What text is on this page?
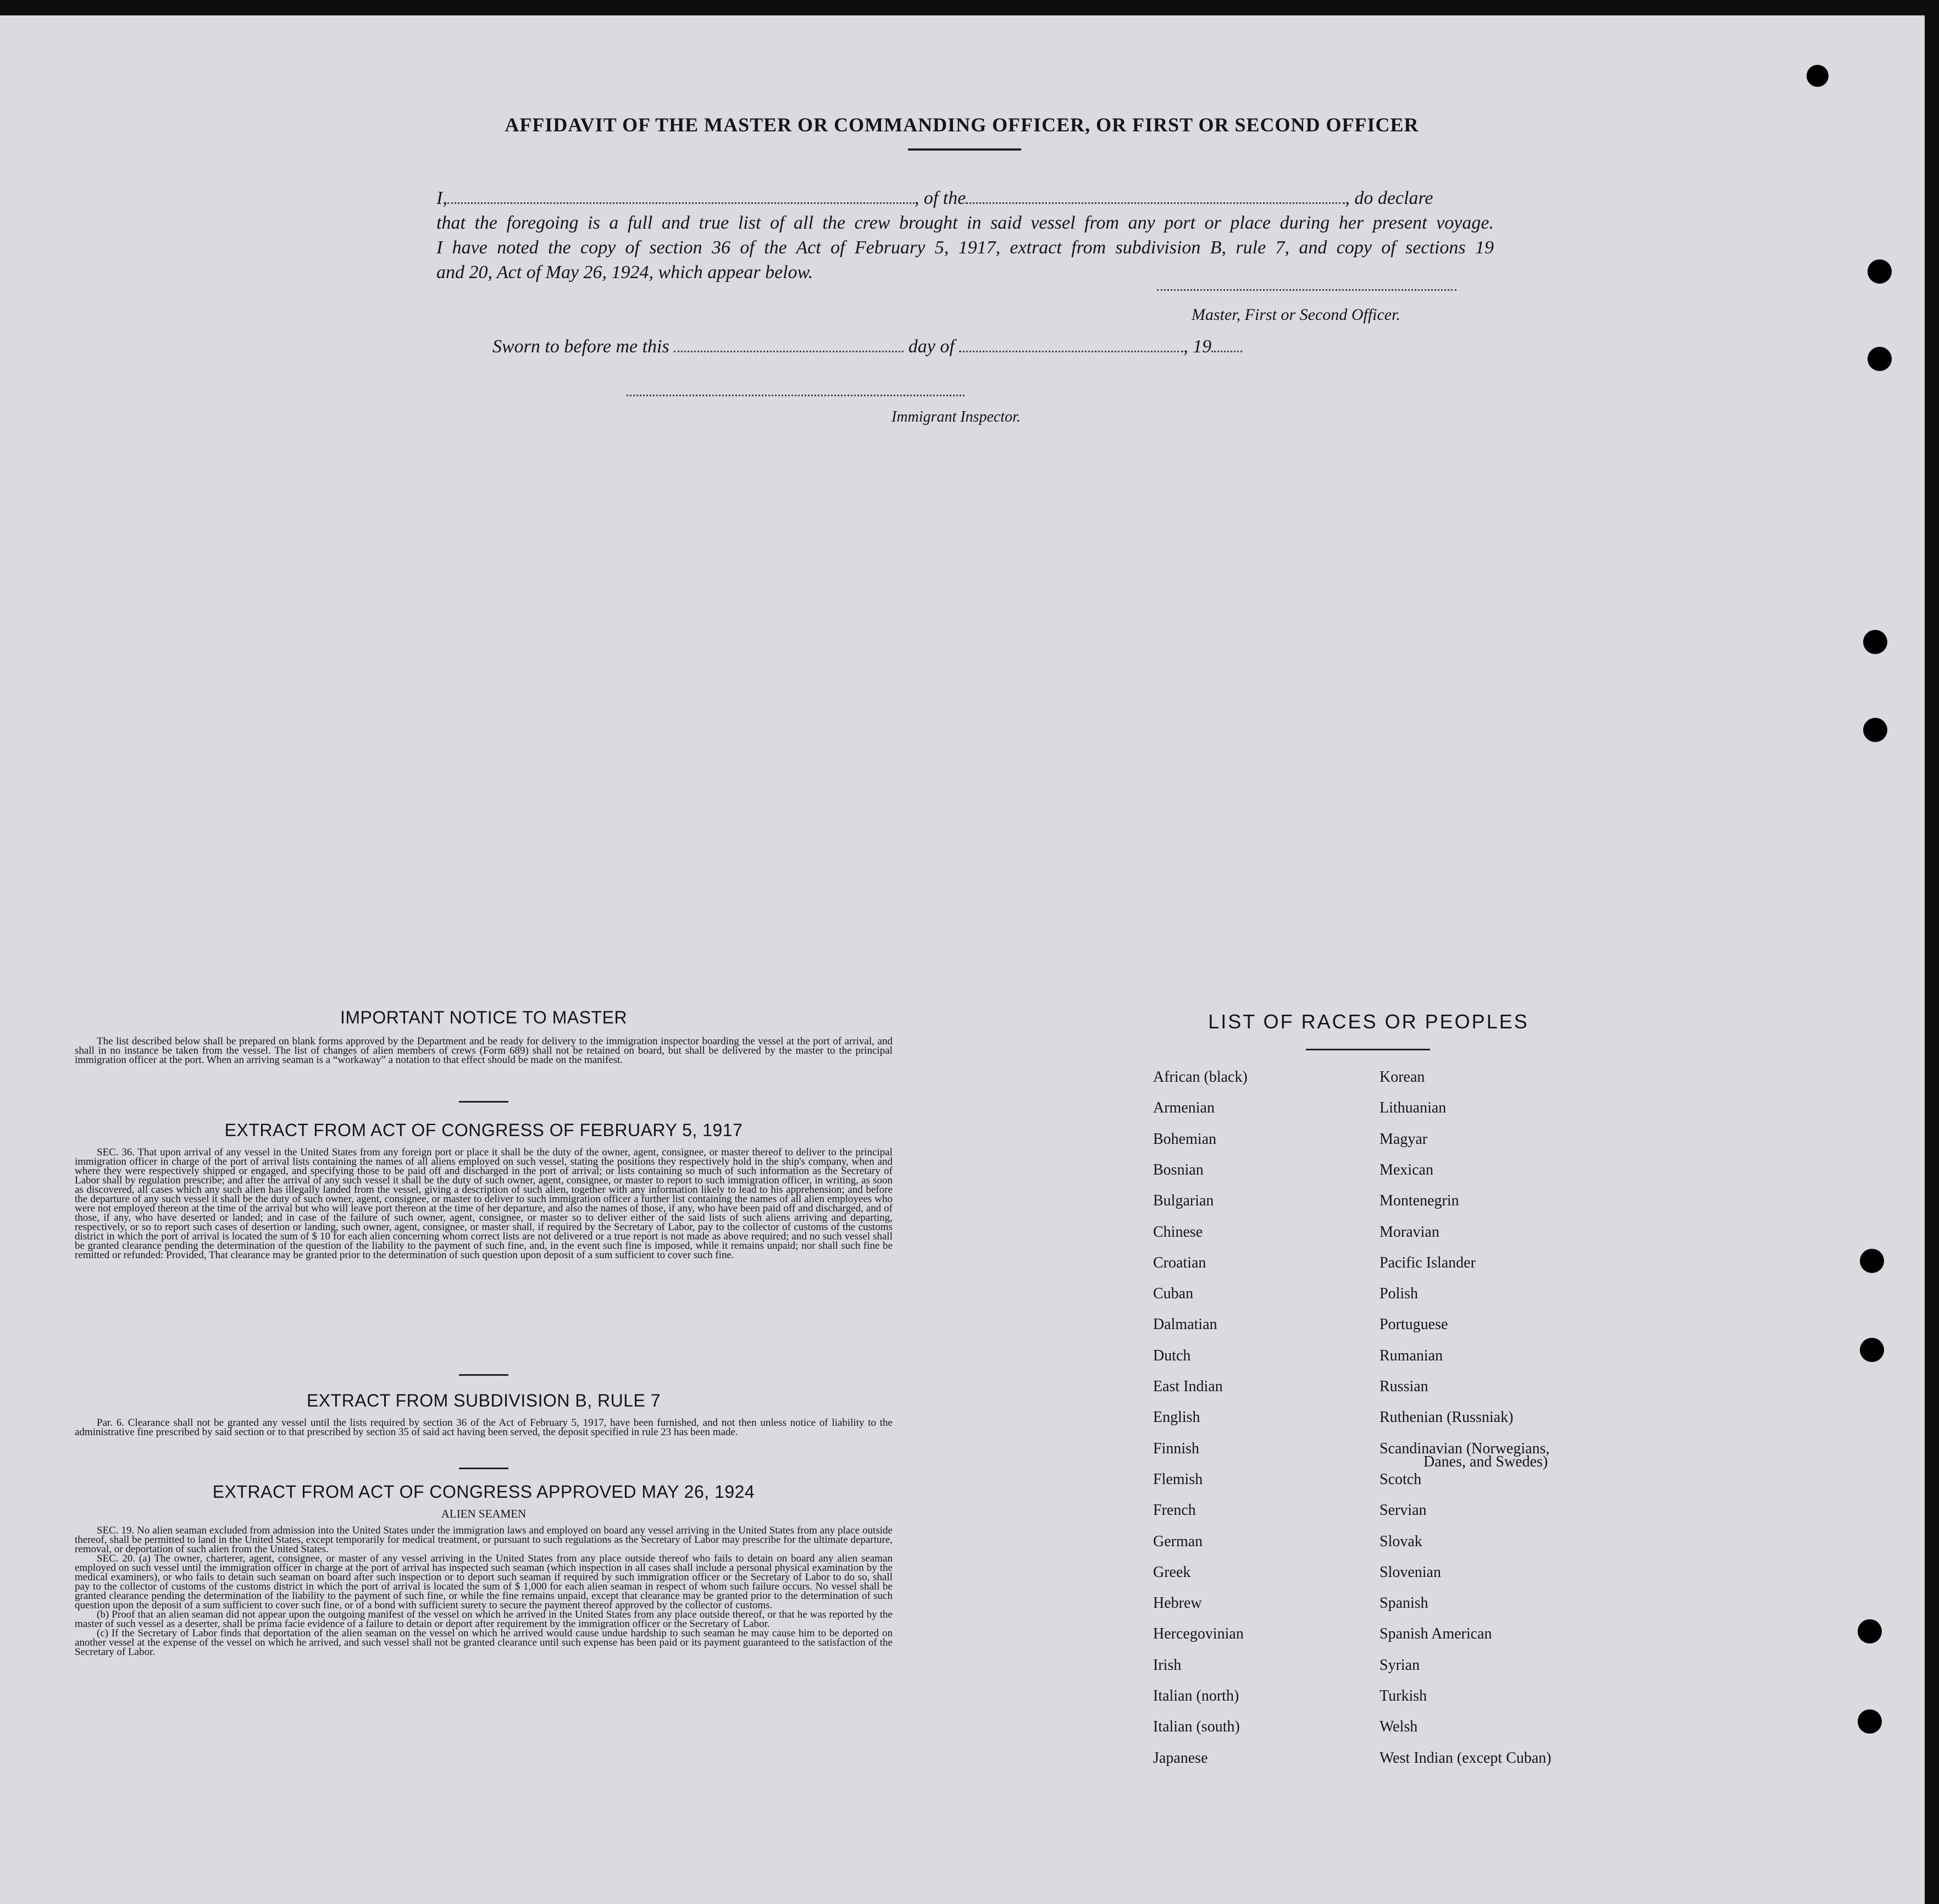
AFFIDAVIT OF THE MASTER OR COMMANDING OFFICER, OR FIRST OR SECOND OFFICER

I,	, of the	, do declare

that the foregoing is a full and true list of all the crew brought in said vessel from any port or place during her present voyage.

I have noted the copy of section 36 of the Act of February 5, 1917, extract from subdivision B, rule 7, and copy of sections 19

and 20, Act of May 26, 1924, which appear below.

Master, First or Second Officer.
Sworn to before me this	day of	, 19
Immigrant Inspector.
IMPORTANT NOTICE TO MASTER

The list described below shall be prepared on blank forms approved by the Department and be ready for delivery to the immigration inspector boarding the vessel at the port of arrival, and shall in no instance be taken from the vessel. The list of changes of alien members of crews (Form 689) shall not be retained on board, but shall be delivered by the master to the principal immigration officer at the port. When an arriving seaman is a “workaway” a notation to that effect should be made on the manifest.

EXTRACT FROM ACT OF CONGRESS OF FEBRUARY 5, 1917

SEC. 36. That upon arrival of any vessel in the United States from any foreign port or place it shall be the duty of the owner, agent, consignee, or master thereof to deliver to the principal immigration officer in charge of the port of arrival lists containing the names of all aliens employed on such vessel, stating the positions they respectively hold in the ship's company, when and where they were respectively shipped or engaged, and specifying those to be paid off and discharged in the port of arrival; or lists containing so much of such information as the Secretary of Labor shall by regulation prescribe; and after the arrival of any such vessel it shall be the duty of such owner, agent, consignee, or master to report to such immigration officer, in writing, as soon as discovered, all cases which any such alien has illegally landed from the vessel, giving a description of such alien, together with any information likely to lead to his apprehension; and before the departure of any such vessel it shall be the duty of such owner, agent, consignee, or master to deliver to such immigration officer a further list containing the names of all alien employees who were not employed thereon at the time of the arrival but who will leave port thereon at the time of her departure, and also the names of those, if any, who have been paid off and discharged, and of those, if any, who have deserted or landed; and in case of the failure of such owner, agent, consignee, or master so to deliver either of the said lists of such aliens arriving and departing, respectively, or so to report such cases of desertion or landing, such owner, agent, consignee, or master shall, if required by the Secretary of Labor, pay to the collector of customs of the customs district in which the port of arrival is located the sum of $ 10 for each alien concerning whom correct lists are not delivered or a true report is not made as above required; and no such vessel shall be granted clearance pending the determination of the question of the liability to the payment of such fine, and, in the event such fine is imposed, while it remains unpaid; nor shall such fine be remitted or refunded: Provided, That clearance may be granted prior to the determination of such question upon deposit of a sum sufficient to cover such fine.

EXTRACT FROM SUBDIVISION B, RULE 7

Par. 6. Clearance shall not be granted any vessel until the lists required by section 36 of the Act of February 5, 1917, have been furnished, and not then unless notice of liability to the administrative fine prescribed by said section or to that prescribed by section 35 of said act having been served, the deposit specified in rule 23 has been made.

EXTRACT FROM ACT OF CONGRESS APPROVED MAY 26, 1924
ALIEN SEAMEN

SEC. 19. No alien seaman excluded from admission into the United States under the immigration laws and employed on board any vessel arriving in the United States from any place outside thereof, shall be permitted to land in the United States, except temporarily for medical treatment, or pursuant to such regulations as the Secretary of Labor may prescribe for the ultimate departure, removal, or deportation of such alien from the United States.

SEC. 20. (a) The owner, charterer, agent, consignee, or master of any vessel arriving in the United States from any place outside thereof who fails to detain on board any alien seaman employed on such vessel until the immigration officer in charge at the port of arrival has inspected such seaman (which inspection in all cases shall include a personal physical examination by the medical examiners), or who fails to detain such seaman on board after such inspection or to deport such seaman if required by such immigration officer or the Secretary of Labor to do so, shall pay to the collector of customs of the customs district in which the port of arrival is located the sum of $ 1,000 for each alien seaman in respect of whom such failure occurs. No vessel shall be granted clearance pending the determination of the liability to the payment of such fine, or while the fine remains unpaid, except that clearance may be granted prior to the determination of such question upon the deposit of a sum sufficient to cover such fine, or of a bond with sufficient surety to secure the payment thereof approved by the collector of customs.

(b) Proof that an alien seaman did not appear upon the outgoing manifest of the vessel on which he arrived in the United States from any place outside thereof, or that he was reported by the master of such vessel as a deserter, shall be prima facie evidence of a failure to detain or deport after requirement by the immigration officer or the Secretary of Labor.

(c) If the Secretary of Labor finds that deportation of the alien seaman on the vessel on which he arrived would cause undue hardship to such seaman he may cause him to be deported on another vessel at the expense of the vessel on which he arrived, and such vessel shall not be granted clearance until such expense has been paid or its payment guaranteed to the satisfaction of the Secretary of Labor.

LIST OF RACES OR PEOPLES
African (black)
Armenian
Bohemian
Bosnian
Bulgarian
Chinese
Croatian
Cuban
Dalmatian
Dutch
East Indian
English
Finnish
Flemish
French
German
Greek
Hebrew
Hercegovinian
Irish
Italian (north)
Italian (south)
Japanese
Korean
Lithuanian
Magyar
Mexican
Montenegrin
Moravian
Pacific Islander
Polish
Portuguese
Rumanian
Russian
Ruthenian (Russniak)
Scandinavian (Norwegians,
Scotch
Servian
Slovak
Slovenian
Spanish
Spanish American
Syrian
Turkish
Welsh
West Indian (except Cuban)
Danes, and Swedes)
